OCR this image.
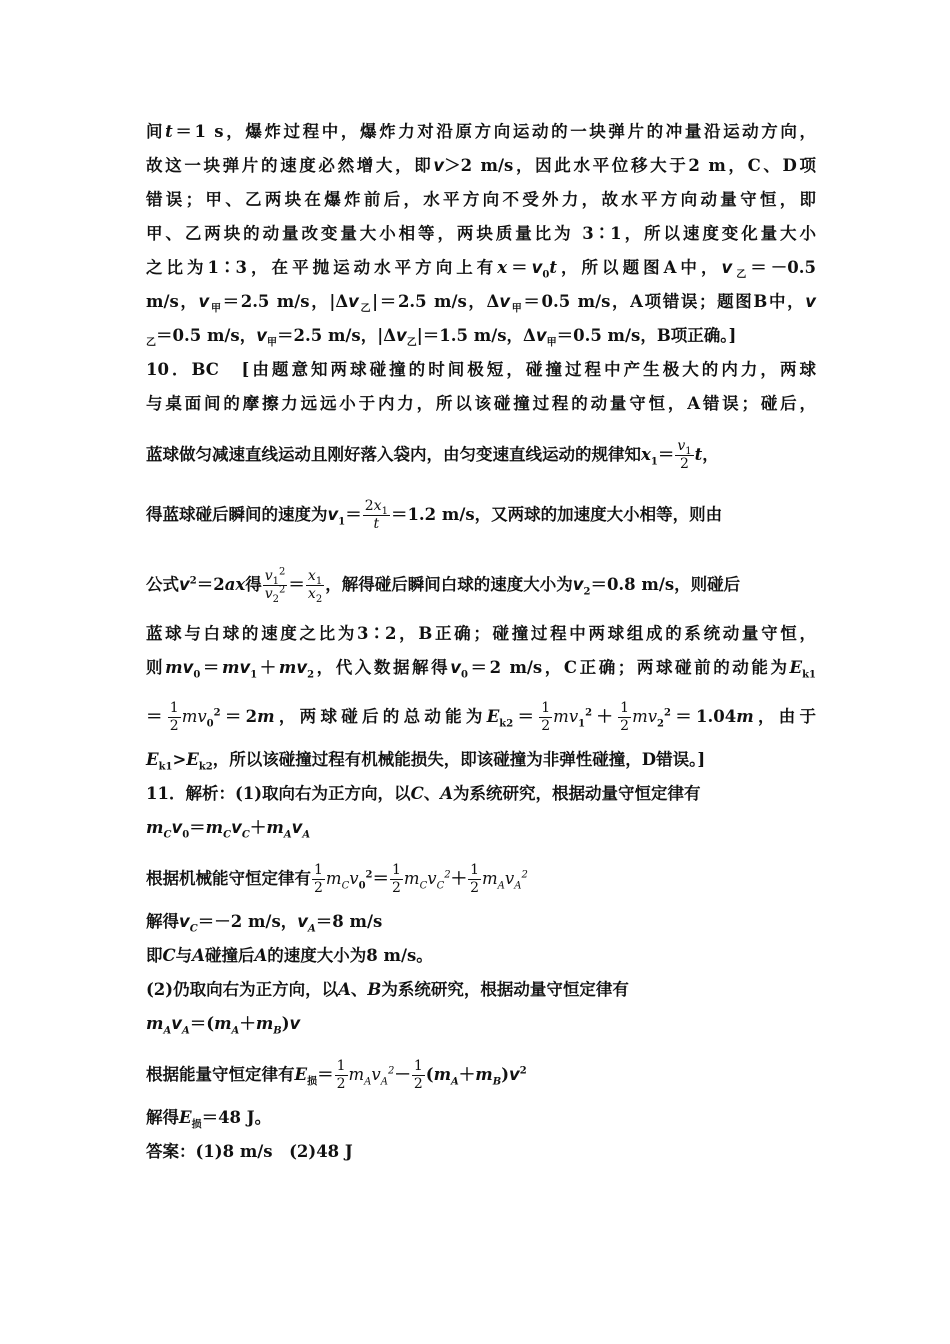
间t＝1 s，爆炸过程中，爆炸力对沿原方向运动的一块弹片的冲量沿运动方向，
故这一块弹片的速度必然增大，即v＞2 m/s，因此水平位移大于2 m，C、D项
错误；甲、乙两块在爆炸前后，水平方向不受外力，故水平方向动量守恒，即
甲、乙两块的动量改变量大小相等，两块质量比为 3∶1，所以速度变化量大小
之比为1∶3，在平抛运动水平方向上有$x=v_0t$，所以题图A中，$v_乙=-0.5$
m/s，$v_甲=2.5$ m/s，$|\Delta v_乙|=2.5$ m/s，$\Delta v_甲=0.5$ m/s，A项错误；题图B中，v
$_乙$＝0.5 m/s，$v_甲=2.5$ m/s，$|\Delta v_乙|=1.5$ m/s，$\Delta v_甲=0.5$ m/s，B项正确。]
10．BC　[由题意知两球碰撞的时间极短，碰撞过程中产生极大的内力，两球
与桌面间的摩擦力远远小于内力，所以该碰撞过程的动量守恒，A错误；碰后，
蓝球做匀减速直线运动且刚好落入袋内，由匀变速直线运动的规律知$x_1= \frac{v_1}{2}$ t，
得蓝球碰后瞬间的速度为$v_1= \frac{2x_1}{t} =1.2$ m/s，又两球的加速度大小相等，则由
公式$v^2=2ax$得 $\frac{v_1^2}{v_2^2} = \frac{x_1}{x_2}$ ，解得碰后瞬间白球的速度大小为$v_2=0.8$ m/s，则碰后
蓝球与白球的速度之比为3∶2，B正确；碰撞过程中两球组成的系统动量守恒，
则$mv_0=mv_1+mv_2$，代入数据解得$v_0=2$ m/s，C正确；两球碰前的动能为$E_{k1}$
＝ $\frac{1}{2} mv_0^2=2m$，两球碰后的总动能为$E_{k2}= \frac{1}{2} mv_1^2+ \frac{1}{2} mv_2^2=1.04m$，由于
$E_{k1}>E_{k2}$，所以该碰撞过程有机械能损失，即该碰撞为非弹性碰撞，D错误。]
11．解析：(1)取向右为正方向，以C、A为系统研究，根据动量守恒定律有
$m_Cv_0=m_Cv_C+m_Av_A$
根据机械能守恒定律有 $\frac{1}{2} m_Cv_0^2= \frac{1}{2} m_Cv_C^2+ \frac{1}{2} m_Av_A^2$
解得$v_C=-2$ m/s，$v_A=8$ m/s
即C与A碰撞后A的速度大小为8 m/s。
(2)仍取向右为正方向，以A、B为系统研究，根据动量守恒定律有
$m_Av_A=(m_A+m_B)v$
根据能量守恒定律有$E_损= \frac{1}{2} m_Av_A^2- \frac{1}{2} (m_A+m_B)v^2$
解得$E_损=48$ J。
答案：(1)8 m/s　(2)48 J
